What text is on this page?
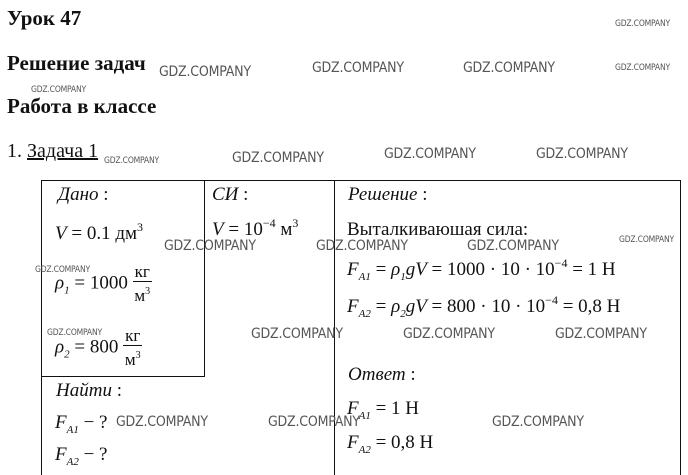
Урок 47
Решение задач
Работа в классе
1. Задача 1
Дано :
V = 0.1 $дм^3$
$\rho_1 = 1000 \frac{кг}{м^3}$
$\rho_2 = 800 \frac{кг}{м^3}$
Найти :
$F_{A1}$ − ?
$F_{A2}$ − ?
СИ :
$V = 10^{-4}$ $м^3$
Решение :
Выталкиваюшая сила:
$F_{A1} = \rho_1gV = 1000 \cdot 10 \cdot 10^{-4} = 1$ Н
$F_{A2} = \rho_2gV = 800 \cdot 10 \cdot 10^{-4} = 0,8$ Н
Ответ :
$F_{A1} = 1$ Н
$F_{A2} = 0,8$ Н
GDZ.COMPANY
GDZ.COMPANY	GDZ.COMPANY	GDZ.COMPANY	GDZ.COMPANY
GDZ.COMPANY
GDZ.COMPANY	GDZ.COMPANY	GDZ.COMPANY	GDZ.COMPANY
GDZ.COMPANY	GDZ.COMPANY	GDZ.COMPANY	GDZ.COMPANY
GDZ.COMPANY
GDZ.COMPANY	GDZ.COMPANY	GDZ.COMPANY	GDZ.COMPANY
GDZ.COMPANY	GDZ.COMPANY	GDZ.COMPANY
